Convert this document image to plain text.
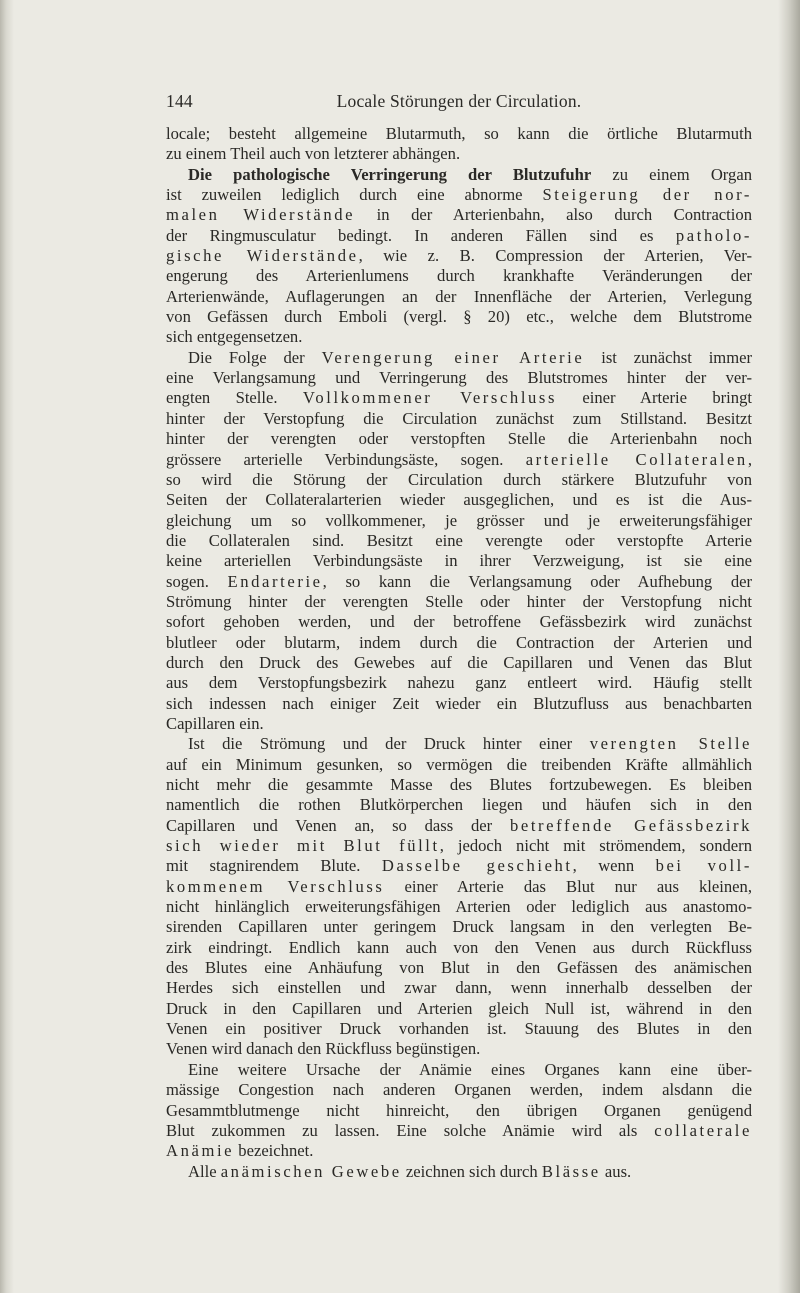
144	Locale Störungen der Circulation.
locale; besteht allgemeine Blutarmuth, so kann die örtliche Blutarmuth
zu einem Theil auch von letzterer abhängen.
Die pathologische Verringerung der Blutzufuhr zu einem Organ
ist zuweilen lediglich durch eine abnorme Steigerung der nor-
malen Widerstände in der Arterienbahn, also durch Contraction
der Ringmusculatur bedingt. In anderen Fällen sind es patholo-
gische Widerstände, wie z. B. Compression der Arterien, Ver-
engerung des Arterienlumens durch krankhafte Veränderungen der
Arterienwände, Auflagerungen an der Innenfläche der Arterien, Verlegung
von Gefässen durch Emboli (vergl. § 20) etc., welche dem Blutstrome
sich entgegensetzen.
Die Folge der Verengerung einer Arterie ist zunächst immer
eine Verlangsamung und Verringerung des Blutstromes hinter der ver-
engten Stelle. Vollkommener Verschluss einer Arterie bringt
hinter der Verstopfung die Circulation zunächst zum Stillstand. Besitzt
hinter der verengten oder verstopften Stelle die Arterienbahn noch
grössere arterielle Verbindungsäste, sogen. arterielle Collateralen,
so wird die Störung der Circulation durch stärkere Blutzufuhr von
Seiten der Collateralarterien wieder ausgeglichen, und es ist die Aus-
gleichung um so vollkommener, je grösser und je erweiterungsfähiger
die Collateralen sind. Besitzt eine verengte oder verstopfte Arterie
keine arteriellen Verbindungsäste in ihrer Verzweigung, ist sie eine
sogen. Endarterie, so kann die Verlangsamung oder Aufhebung der
Strömung hinter der verengten Stelle oder hinter der Verstopfung nicht
sofort gehoben werden, und der betroffene Gefässbezirk wird zunächst
blutleer oder blutarm, indem durch die Contraction der Arterien und
durch den Druck des Gewebes auf die Capillaren und Venen das Blut
aus dem Verstopfungsbezirk nahezu ganz entleert wird. Häufig stellt
sich indessen nach einiger Zeit wieder ein Blutzufluss aus benachbarten
Capillaren ein.
Ist die Strömung und der Druck hinter einer verengten Stelle
auf ein Minimum gesunken, so vermögen die treibenden Kräfte allmählich
nicht mehr die gesammte Masse des Blutes fortzubewegen. Es bleiben
namentlich die rothen Blutkörperchen liegen und häufen sich in den
Capillaren und Venen an, so dass der betreffende Gefässbezirk
sich wieder mit Blut füllt, jedoch nicht mit strömendem, sondern
mit stagnirendem Blute. Dasselbe geschieht, wenn bei voll-
kommenem Verschluss einer Arterie das Blut nur aus kleinen,
nicht hinlänglich erweiterungsfähigen Arterien oder lediglich aus anastomo-
sirenden Capillaren unter geringem Druck langsam in den verlegten Be-
zirk eindringt. Endlich kann auch von den Venen aus durch Rückfluss
des Blutes eine Anhäufung von Blut in den Gefässen des anämischen
Herdes sich einstellen und zwar dann, wenn innerhalb desselben der
Druck in den Capillaren und Arterien gleich Null ist, während in den
Venen ein positiver Druck vorhanden ist. Stauung des Blutes in den
Venen wird danach den Rückfluss begünstigen.
Eine weitere Ursache der Anämie eines Organes kann eine über-
mässige Congestion nach anderen Organen werden, indem alsdann die
Gesammtblutmenge nicht hinreicht, den übrigen Organen genügend
Blut zukommen zu lassen. Eine solche Anämie wird als collaterale
Anämie bezeichnet.
Alle anämischen Gewebe zeichnen sich durch Blässe aus.
